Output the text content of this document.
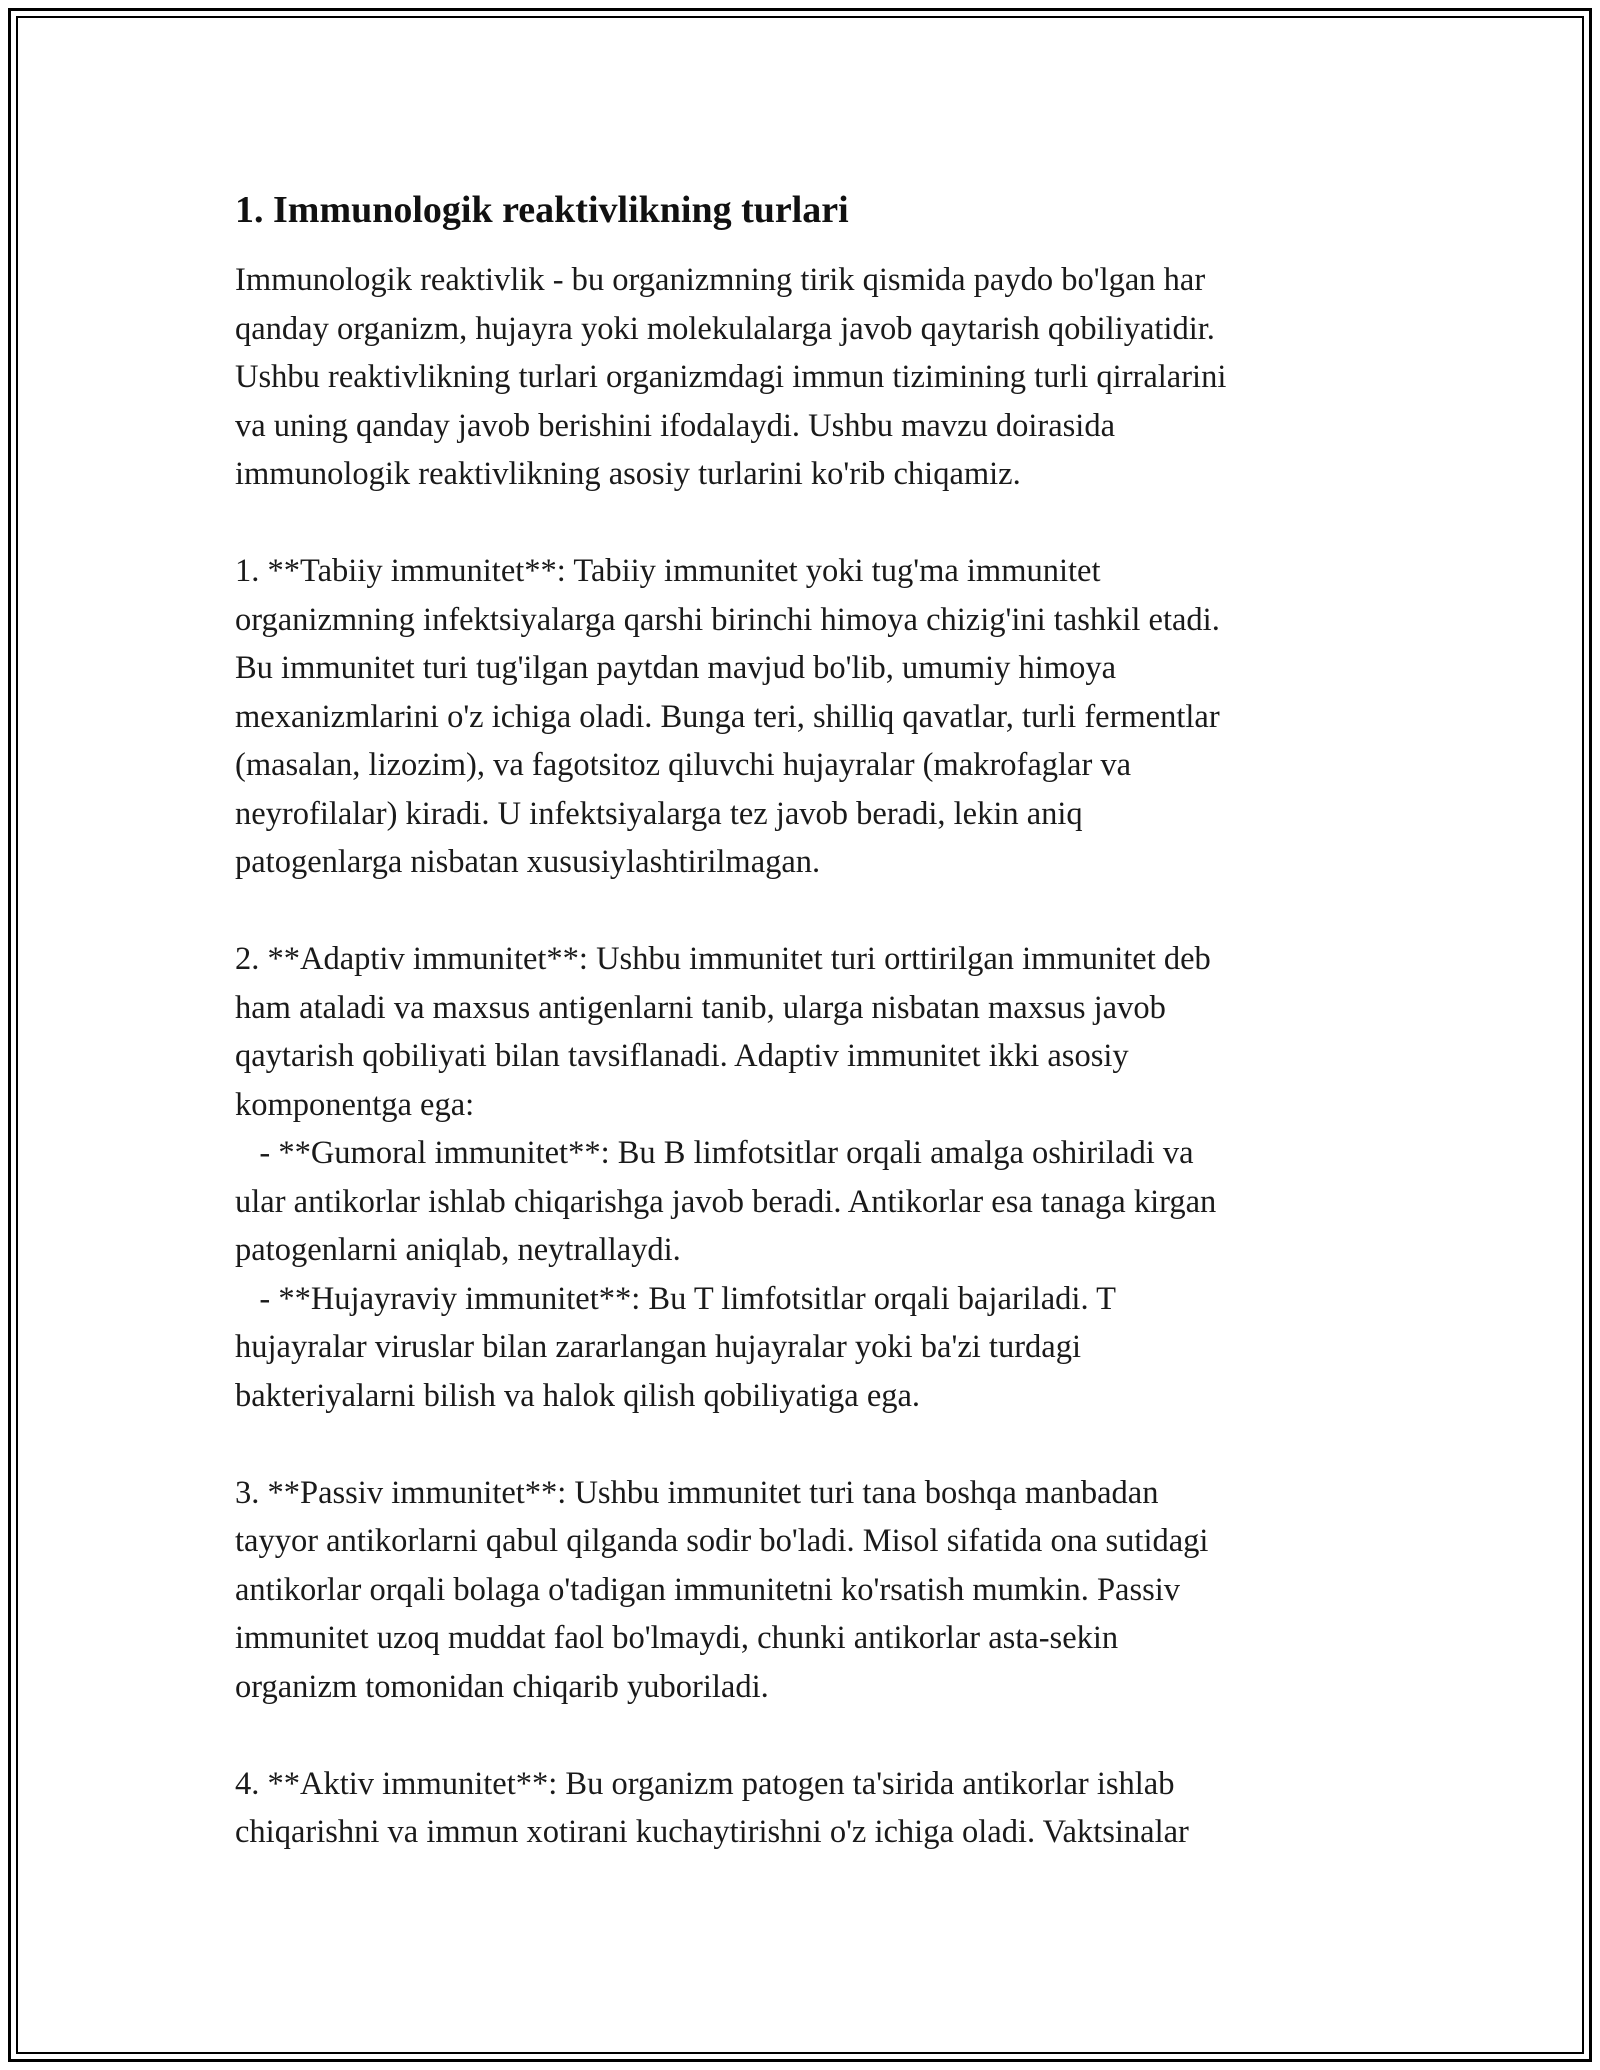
1. Immunologik reaktivlikning turlari
Immunologik reaktivlik - bu organizmning tirik qismida paydo bo'lgan har
qanday organizm, hujayra yoki molekulalarga javob qaytarish qobiliyatidir.
Ushbu reaktivlikning turlari organizmdagi immun tizimining turli qirralarini
va uning qanday javob berishini ifodalaydi. Ushbu mavzu doirasida
immunologik reaktivlikning asosiy turlarini ko'rib chiqamiz.
1. **Tabiiy immunitet**: Tabiiy immunitet yoki tug'ma immunitet
organizmning infektsiyalarga qarshi birinchi himoya chizig'ini tashkil etadi.
Bu immunitet turi tug'ilgan paytdan mavjud bo'lib, umumiy himoya
mexanizmlarini o'z ichiga oladi. Bunga teri, shilliq qavatlar, turli fermentlar
(masalan, lizozim), va fagotsitoz qiluvchi hujayralar (makrofaglar va
neyrofilalar) kiradi. U infektsiyalarga tez javob beradi, lekin aniq
patogenlarga nisbatan xususiylashtirilmagan.
2. **Adaptiv immunitet**: Ushbu immunitet turi orttirilgan immunitet deb
ham ataladi va maxsus antigenlarni tanib, ularga nisbatan maxsus javob
qaytarish qobiliyati bilan tavsiflanadi. Adaptiv immunitet ikki asosiy
komponentga ega:
- **Gumoral immunitet**: Bu B limfotsitlar orqali amalga oshiriladi va
ular antikorlar ishlab chiqarishga javob beradi. Antikorlar esa tanaga kirgan
patogenlarni aniqlab, neytrallaydi.
- **Hujayraviy immunitet**: Bu T limfotsitlar orqali bajariladi. T
hujayralar viruslar bilan zararlangan hujayralar yoki ba'zi turdagi
bakteriyalarni bilish va halok qilish qobiliyatiga ega.
3. **Passiv immunitet**: Ushbu immunitet turi tana boshqa manbadan
tayyor antikorlarni qabul qilganda sodir bo'ladi. Misol sifatida ona sutidagi
antikorlar orqali bolaga o'tadigan immunitetni ko'rsatish mumkin. Passiv
immunitet uzoq muddat faol bo'lmaydi, chunki antikorlar asta-sekin
organizm tomonidan chiqarib yuboriladi.
4. **Aktiv immunitet**: Bu organizm patogen ta'sirida antikorlar ishlab
chiqarishni va immun xotirani kuchaytirishni o'z ichiga oladi. Vaktsinalar
